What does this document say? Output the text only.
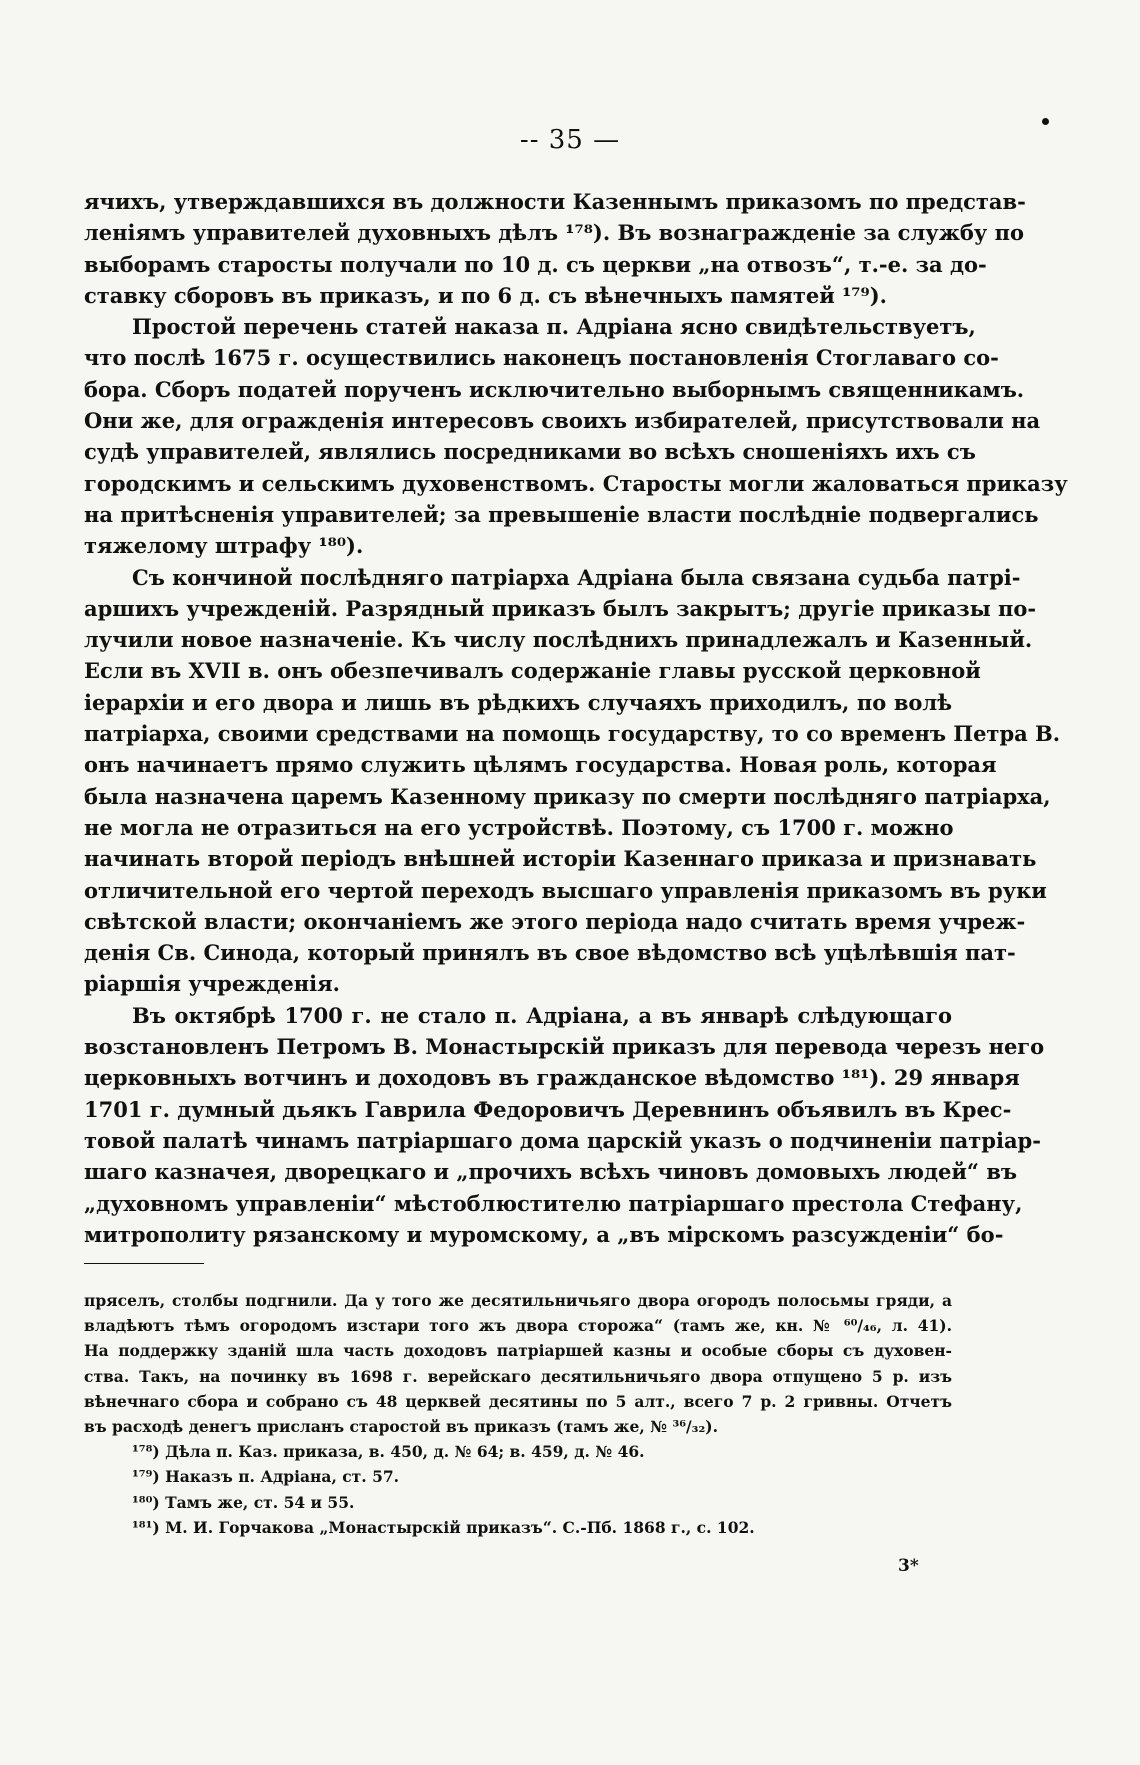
-- 35 —
ячихъ, утверждавшихся въ должности Казеннымъ приказомъ по представ-
леніямъ управителей духовныхъ дѣлъ ¹⁷⁸). Въ вознагражденіе за службу по
выборамъ старосты получали по 10 д. съ церкви „на отвозъ“, т.-е. за до-
ставку сборовъ въ приказъ, и по 6 д. съ вѣнечныхъ памятей ¹⁷⁹).
Простой перечень статей наказа п. Адріана ясно свидѣтельствуетъ,
что послѣ 1675 г. осуществились наконецъ постановленія Стоглаваго со-
бора. Сборъ податей порученъ исключительно выборнымъ священникамъ.
Они же, для огражденія интересовъ своихъ избирателей, присутствовали на
судѣ управителей, являлись посредниками во всѣхъ сношеніяхъ ихъ съ
городскимъ и сельскимъ духовенствомъ. Старосты могли жаловаться приказу
на притѣсненія управителей; за превышеніе власти послѣдніе подвергались
тяжелому штрафу ¹⁸⁰).
Съ кончиной послѣдняго патріарха Адріана была связана судьба патрі-
аршихъ учрежденій. Разрядный приказъ былъ закрытъ; другіе приказы по-
лучили новое назначеніе. Къ числу послѣднихъ принадлежалъ и Казенный.
Если въ XVII в. онъ обезпечивалъ содержаніе главы русской церковной
іерархіи и его двора и лишь въ рѣдкихъ случаяхъ приходилъ, по волѣ
патріарха, своими средствами на помощь государству, то со временъ Петра В.
онъ начинаетъ прямо служить цѣлямъ государства. Новая роль, которая
была назначена царемъ Казенному приказу по смерти послѣдняго патріарха,
не могла не отразиться на его устройствѣ. Поэтому, съ 1700 г. можно
начинать второй періодъ внѣшней исторіи Казеннаго приказа и признавать
отличительной его чертой переходъ высшаго управленія приказомъ въ руки
свѣтской власти; окончаніемъ же этого періода надо считать время учреж-
денія Св. Синода, который принялъ въ свое вѣдомство всѣ уцѣлѣвшія пат-
ріаршія учрежденія.
Въ октябрѣ 1700 г. не стало п. Адріана, а въ январѣ слѣдующаго
возстановленъ Петромъ В. Монастырскій приказъ для перевода черезъ него
церковныхъ вотчинъ и доходовъ въ гражданское вѣдомство ¹⁸¹). 29 января
1701 г. думный дьякъ Гаврила Федоровичъ Деревнинъ объявилъ въ Крес-
товой палатѣ чинамъ патріаршаго дома царскій указъ о подчиненіи патріар-
шаго казначея, дворецкаго и „прочихъ всѣхъ чиновъ домовыхъ людей“ въ
„духовномъ управленіи“ мѣстоблюстителю патріаршаго престола Стефану,
митрополиту рязанскому и муромскому, а „въ мірскомъ разсужденіи“ бо-
пряселъ, столбы подгнили. Да у того же десятильничьяго двора огородъ полосьмы гряди, а
владѣютъ тѣмъ огородомъ изстари того жъ двора сторожа“ (тамъ же, кн. № ⁶⁰/₄₆, л. 41).
На поддержку зданій шла часть доходовъ патріаршей казны и особые сборы съ духовен-
ства. Такъ, на починку въ 1698 г. верейскаго десятильничьяго двора отпущено 5 р. изъ
вѣнечнаго сбора и собрано съ 48 церквей десятины по 5 алт., всего 7 р. 2 гривны. Отчетъ
въ расходѣ денегъ присланъ старостой въ приказъ (тамъ же, № ³⁶/₃₂).
¹⁷⁸) Дѣла п. Каз. приказа, в. 450, д. № 64; в. 459, д. № 46.
¹⁷⁹) Наказъ п. Адріана, ст. 57.
¹⁸⁰) Тамъ же, ст. 54 и 55.
¹⁸¹) М. И. Горчакова „Монастырскій приказъ“. С.-Пб. 1868 г., с. 102.
3*
